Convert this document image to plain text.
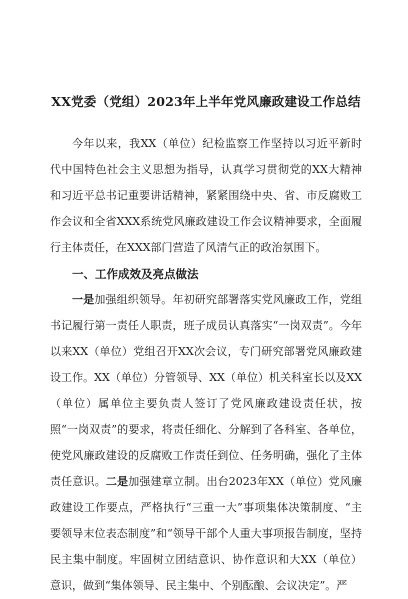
XX党委（党组）2023年上半年党风廉政建设工作总结

今年以来，我XX（单位）纪检监察工作坚持以习近平新时代中国特色社会主义思想为指导，认真学习贯彻党的XX大精神和习近平总书记重要讲话精神，紧紧围绕中央、省、市反腐败工作会议和全省XXX系统党风廉政建设工作会议精神要求，全面履行主体责任，在XXX部门营造了风清气正的政治氛围下。

一、工作成效及亮点做法

一是加强组织领导。年初研究部署落实党风廉政工作，党组书记履行第一责任人职责，班子成员认真落实“一岗双责”。今年以来XX（单位）党组召开XX次会议，专门研究部署党风廉政建设工作。XX（单位）分管领导、XX（单位）机关科室长以及XX（单位）属单位主要负责人签订了党风廉政建设责任状，按照“一岗双责”的要求，将责任细化、分解到了各科室、各单位，使党风廉政建设的反腐败工作责任到位、任务明确，强化了主体责任意识。二是加强建章立制。出台2023年XX（单位）党风廉政建设工作要点，严格执行“三重一大”事项集体决策制度、“主要领导末位表态制度”和“领导干部个人重大事项报告制度，坚持民主集中制度。牢固树立团结意识、协作意识和大XX（单位）意识，做到“集体领导、民主集中、个别酝酿、会议决定”。严
